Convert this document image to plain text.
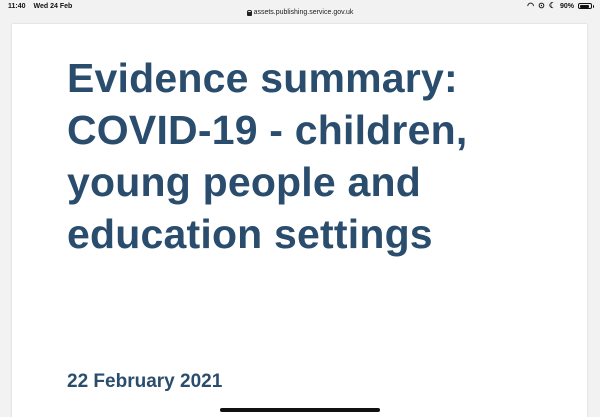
11:40 Wed 24 Feb
assets.publishing.service.gov.uk
◠ ⊙ ☾ 90%
Evidence summary:
COVID-19 - children,
young people and
education settings

22 February 2021
